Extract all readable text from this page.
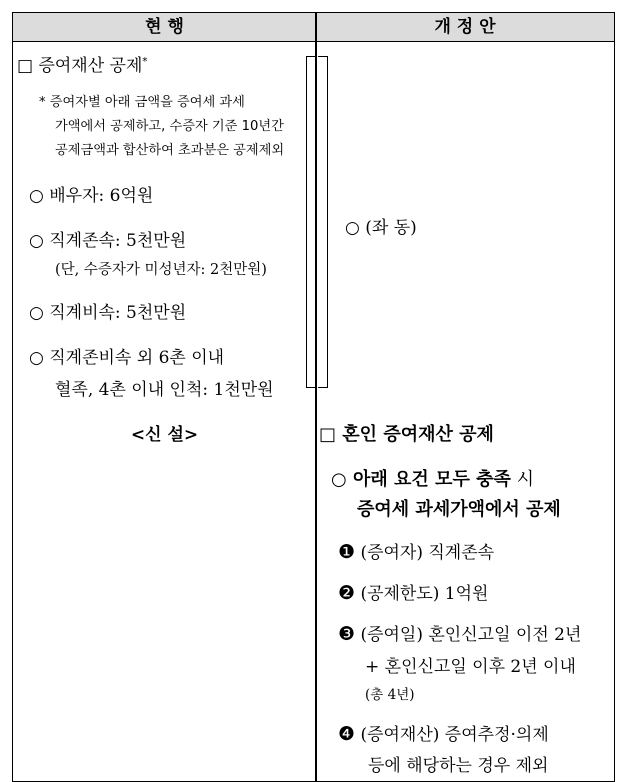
현 행	개 정 안
□ 증여재산 공제*
* 증여자별 아래 금액을 증여세 과세
가액에서 공제하고, 수증자 기준 10년간
공제금액과 합산하여 초과분은 공제제외
○ 배우자: 6억원
○ 직계존속: 5천만원
(단, 수증자가 미성년자: 2천만원)
○ 직계비속: 5천만원
○ 직계존비속 외 6촌 이내
혈족, 4촌 이내 인척: 1천만원
<신 설>
○ (좌 동)
□ 혼인 증여재산 공제
○ 아래 요건 모두 충족 시
증여세 과세가액에서 공제
❶ (증여자) 직계존속
❷ (공제한도) 1억원
❸ (증여일) 혼인신고일 이전 2년
+ 혼인신고일 이후 2년 이내
(총 4년)
❹ (증여재산) 증여추정·의제
등에 해당하는 경우 제외
